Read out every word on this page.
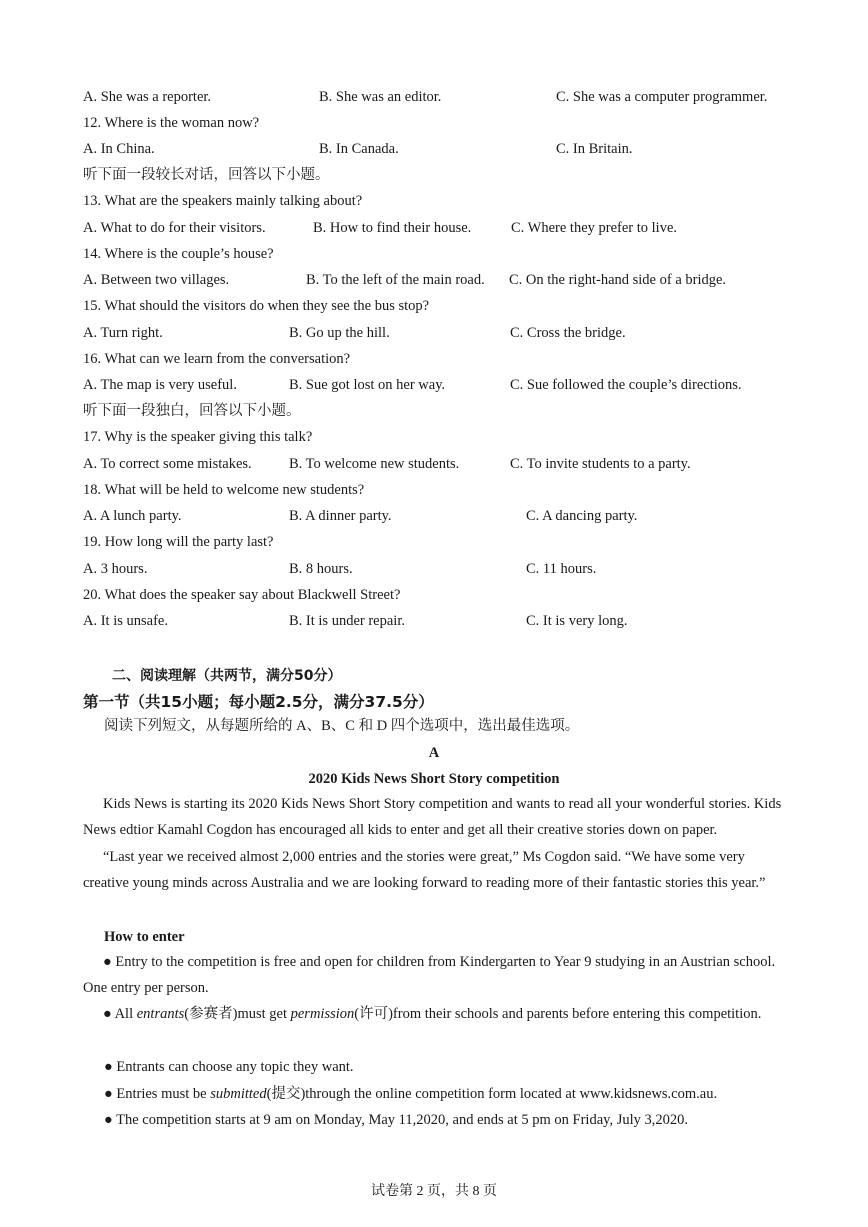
A. She was a reporter.	B. She was an editor.	C. She was a computer programmer.
12. Where is the woman now?
A. In China.	B. In Canada.	C. In Britain.
听下面一段较长对话，回答以下小题。
13. What are the speakers mainly talking about?
A. What to do for their visitors.	B. How to find their house.	C. Where they prefer to live.
14. Where is the couple’s house?
A. Between two villages.	B. To the left of the main road. C. On the right-hand side of a bridge.
15. What should the visitors do when they see the bus stop?
A. Turn right.	B. Go up the hill.	C. Cross the bridge.
16. What can we learn from the conversation?
A. The map is very useful.	B. Sue got lost on her way.	C. Sue followed the couple’s directions.
听下面一段独白，回答以下小题。
17. Why is the speaker giving this talk?
A. To correct some mistakes.	B. To welcome new students.	C. To invite students to a party.
18. What will be held to welcome new students?
A. A lunch party.	B. A dinner party.	C. A dancing party.
19. How long will the party last?
A. 3 hours.	B. 8 hours.	C. 11 hours.
20. What does the speaker say about Blackwell Street?
A. It is unsafe.	B. It is under repair.	C. It is very long.
二、阅读理解（共两节，满分50分）
第一节（共15小题；每小题2.5分，满分37.5分）
阅读下列短文，从每题所给的 A、B、C 和 D 四个选项中，选出最佳选项。
A
2020 Kids News Short Story competition
Kids News is starting its 2020 Kids News Short Story competition and wants to read all your wonderful stories. Kids News edtior Kamahl Cogdon has encouraged all kids to enter and get all their creative stories down on paper.
“Last year we received almost 2,000 entries and the stories were great,” Ms Cogdon said. “We have some very creative young minds across Australia and we are looking forward to reading more of their fantastic stories this year.”
How to enter
● Entry to the competition is free and open for children from Kindergarten to Year 9 studying in an Austrian school. One entry per person.
● All entrants(参赛者)must get permission(许可)from their schools and parents before entering this competition.
● Entrants can choose any topic they want.
● Entries must be submitted(提交)through the online competition form located at www.kidsnews.com.au.
● The competition starts at 9 am on Monday, May 11,2020, and ends at 5 pm on Friday, July 3,2020.
试卷第 2 页，共 8 页
